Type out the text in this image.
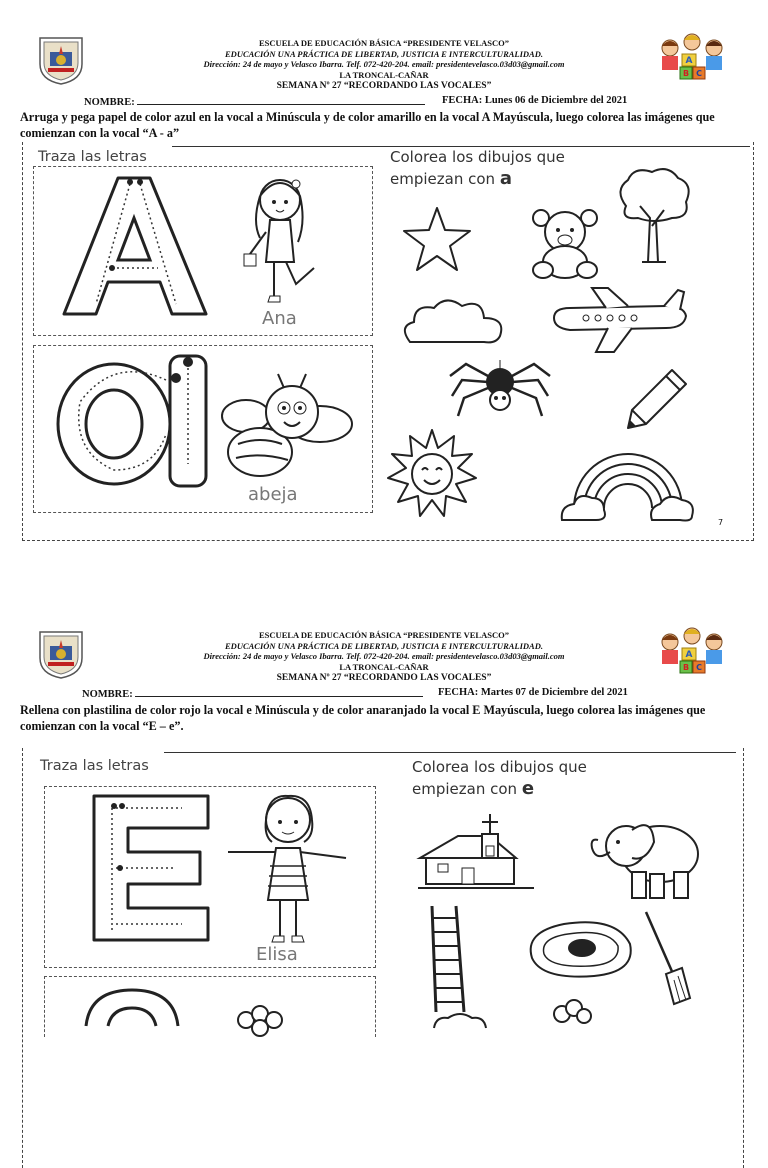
A
B C
ESCUELA DE EDUCACIÓN BÁSICA “PRESIDENTE VELASCO”
EDUCACIÓN UNA PRÁCTICA DE LIBERTAD, JUSTICIA E INTERCULTURALIDAD.
Dirección: 24 de mayo y Velasco Ibarra. Telf. 072-420-204. email: presidentevelasco.03d03@gmail.com
LA TRONCAL-CAÑAR
SEMANA Nº 27 “RECORDANDO LAS VOCALES”
NOMBRE:	FECHA: Lunes 06 de Diciembre del 2021
Arruga y pega papel de color azul en la vocal a Minúscula y de color amarillo en la vocal A Mayúscula, luego colorea las imágenes que comienzan con la vocal “A - a”
Traza las letras	Colorea los dibujos que empiezan con a
Ana
abeja
7
A
B C
ESCUELA DE EDUCACIÓN BÁSICA “PRESIDENTE VELASCO”
EDUCACIÓN UNA PRÁCTICA DE LIBERTAD, JUSTICIA E INTERCULTURALIDAD.
Dirección: 24 de mayo y Velasco Ibarra. Telf. 072-420-204. email: presidentevelasco.03d03@gmail.com
LA TRONCAL-CAÑAR
SEMANA Nº 27 “RECORDANDO LAS VOCALES”
NOMBRE:	FECHA: Martes 07 de Diciembre del 2021
Rellena con plastilina de color rojo la vocal e Minúscula y de color anaranjado la vocal E Mayúscula, luego colorea las imágenes que comienzan con la vocal “E – e”.
Traza las letras	Colorea los dibujos que empiezan con e
Elisa
